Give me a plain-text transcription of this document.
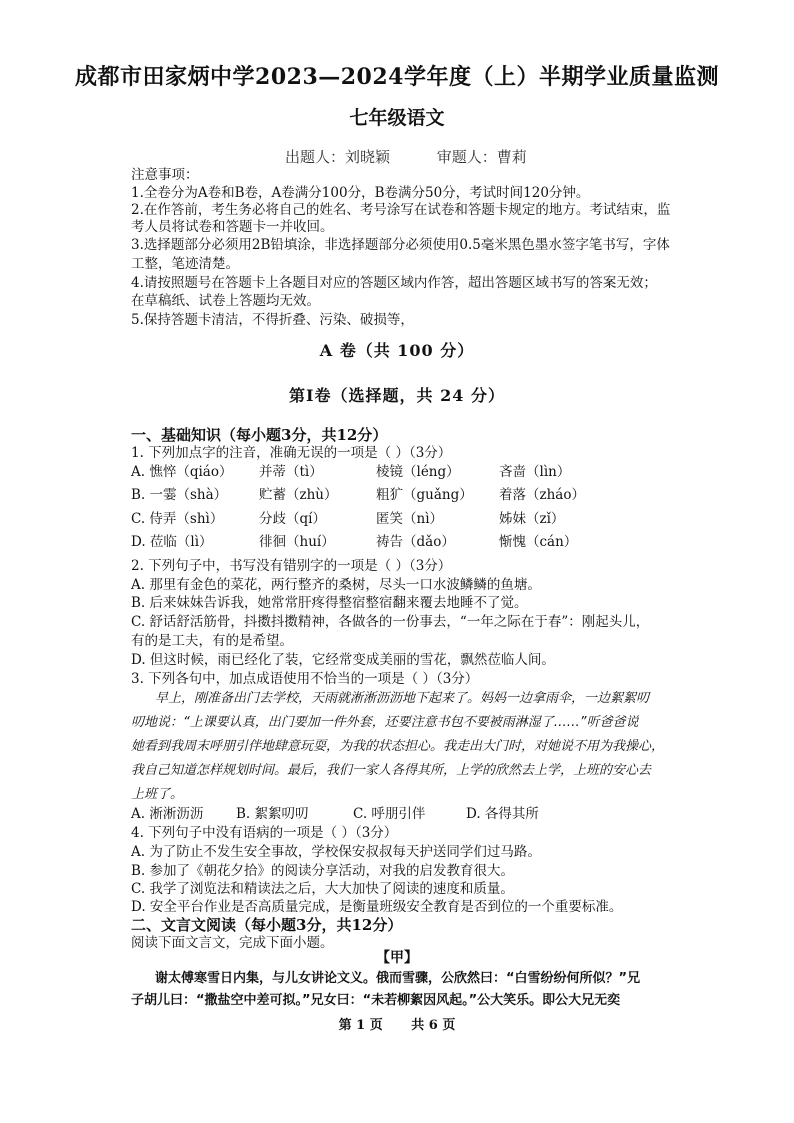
成都市田家炳中学2023—2024学年度（上）半期学业质量监测
七年级语文
出题人：刘晓颖	审题人：曹莉
注意事项：
1.全卷分为A卷和B卷，A卷满分100分，B卷满分50分，考试时间120分钟。
2.在作答前，考生务必将自己的姓名、考号涂写在试卷和答题卡规定的地方。考试结束，监
考人员将试卷和答题卡一并收回。
3.选择题部分必须用2B铅填涂，非选择题部分必须使用0.5毫米黑色墨水签字笔书写，字体
工整，笔迹清楚。
4.请按照题号在答题卡上各题目对应的答题区域内作答，超出答题区域书写的答案无效；
在草稿纸、试卷上答题均无效。
5.保持答题卡清洁，不得折叠、污染、破损等，
A 卷（共 100 分）
第Ⅰ卷（选择题，共 24 分）
一、基础知识（每小题3分，共12分）
1. 下列加点字的注音，准确无误的一项是（ ）（3分）
A. 憔悴（qiáo） 并蒂（tì）	棱镜（léng）	吝啬（lìn）
B. 一霎（shà） 贮蓄（zhù）	粗犷（guǎng） 着落（zháo）
C. 侍弄（shì）	分歧（qí）	匿笑（nì）	姊妹（zǐ）
D. 莅临（lì）	徘徊（huí）	祷告（dǎo）	惭愧（cán）
2. 下列句子中，书写没有错别字的一项是（ ）（3分）
A. 那里有金色的菜花，两行整齐的桑树，尽头一口水波鳞鳞的鱼塘。
B. 后来妹妹告诉我，她常常肝疼得整宿整宿翻来覆去地睡不了觉。
C. 舒话舒活筋骨，抖擞抖擞精神，各做各的一份事去，“一年之际在于春”：刚起头儿，
有的是工夫，有的是希望。
D. 但这时候，雨已经化了装，它经常变成美丽的雪花，飘然莅临人间。
3. 下列各句中，加点成语使用不恰当的一项是（ ）（3分）
早上，刚准备出门去学校，天雨就淅淅沥沥地下起来了。妈妈一边拿雨伞，一边絮絮叨
叨地说：“上课要认真，出门要加一件外套，还要注意书包不要被雨淋湿了……”听爸爸说
她看到我周末呼朋引伴地肆意玩耍，为我的状态担心。我走出大门时，对她说不用为我操心，
我自己知道怎样规划时间。最后，我们一家人各得其所，上学的欣然去上学，上班的安心去
上班了。
A. 淅淅沥沥 B. 絮絮叨叨	C. 呼朋引伴	D. 各得其所
4. 下列句子中没有语病的一项是（ ）（3分）
A. 为了防止不发生安全事故，学校保安叔叔每天护送同学们过马路。
B. 参加了《朝花夕拾》的阅读分享活动，对我的启发教育很大。
C. 我学了浏览法和精读法之后，大大加快了阅读的速度和质量。
D. 安全平台作业是否高质量完成，是衡量班级安全教育是否到位的一个重要标准。
二、文言文阅读（每小题3分，共12分）
阅读下面文言文，完成下面小题。
【甲】
谢太傅寒雪日内集，与儿女讲论文义。俄而雪骤，公欣然曰：“白雪纷纷何所似？”兄
子胡儿曰：“撒盐空中差可拟。”兄女曰：“未若柳絮因风起。”公大笑乐。即公大兄无奕
第 1 页 共 6 页
